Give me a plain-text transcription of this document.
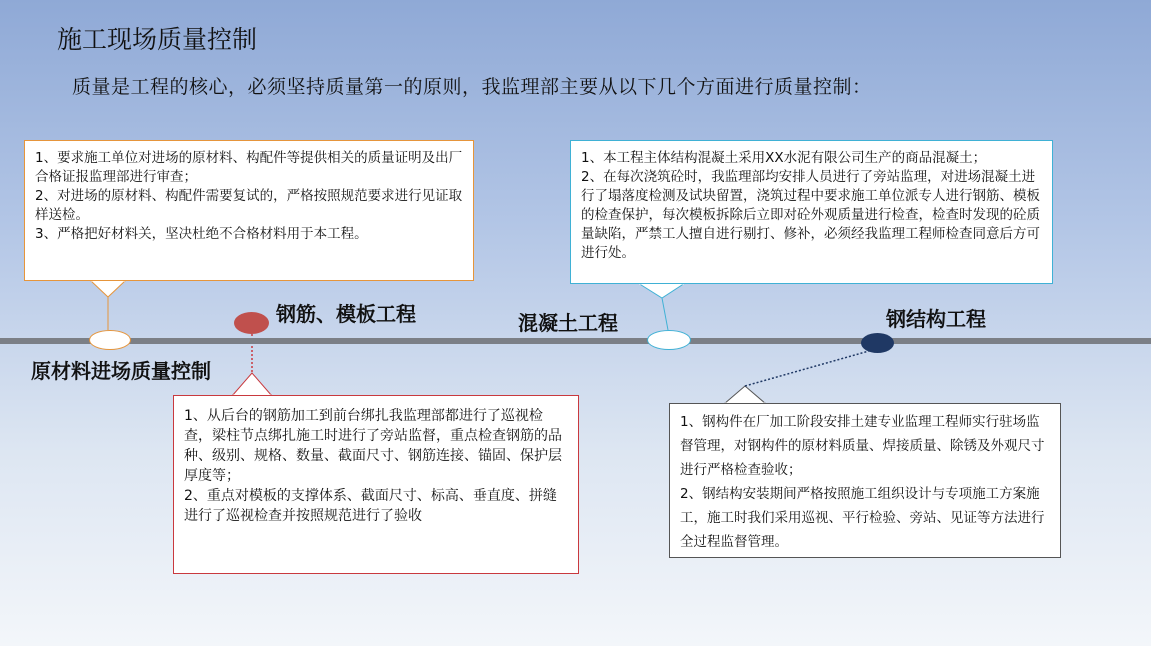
施工现场质量控制
质量是工程的核心，必须坚持质量第一的原则，我监理部主要从以下几个方面进行质量控制：
原材料进场质量控制
钢筋、模板工程	混凝土工程	钢结构工程

1、要求施工单位对进场的原材料、构配件等提供相关的质量证明及出厂合格证报监理部进行审查；

2、对进场的原材料、构配件需要复试的，严格按照规范要求进行见证取样送检。

3、严格把好材料关，坚决杜绝不合格材料用于本工程。

1、本工程主体结构混凝土采用XX水泥有限公司生产的商品混凝土；

2、在每次浇筑砼时，我监理部均安排人员进行了旁站监理，对进场混凝土进行了塌落度检测及试块留置，浇筑过程中要求施工单位派专人进行钢筋、模板的检查保护，每次模板拆除后立即对砼外观质量进行检查，检查时发现的砼质量缺陷，严禁工人擅自进行剔打、修补，必须经我监理工程师检查同意后方可进行处。

1、从后台的钢筋加工到前台绑扎我监理部都进行了巡视检查，梁柱节点绑扎施工时进行了旁站监督，重点检查钢筋的品种、级别、规格、数量、截面尺寸、钢筋连接、锚固、保护层厚度等；

2、重点对模板的支撑体系、截面尺寸、标高、垂直度、拼缝进行了巡视检查并按照规范进行了验收

1、钢构件在厂加工阶段安排土建专业监理工程师实行驻场监督管理，对钢构件的原材料质量、焊接质量、除锈及外观尺寸进行严格检查验收；

2、钢结构安装期间严格按照施工组织设计与专项施工方案施工，施工时我们采用巡视、平行检验、旁站、见证等方法进行全过程监督管理。
